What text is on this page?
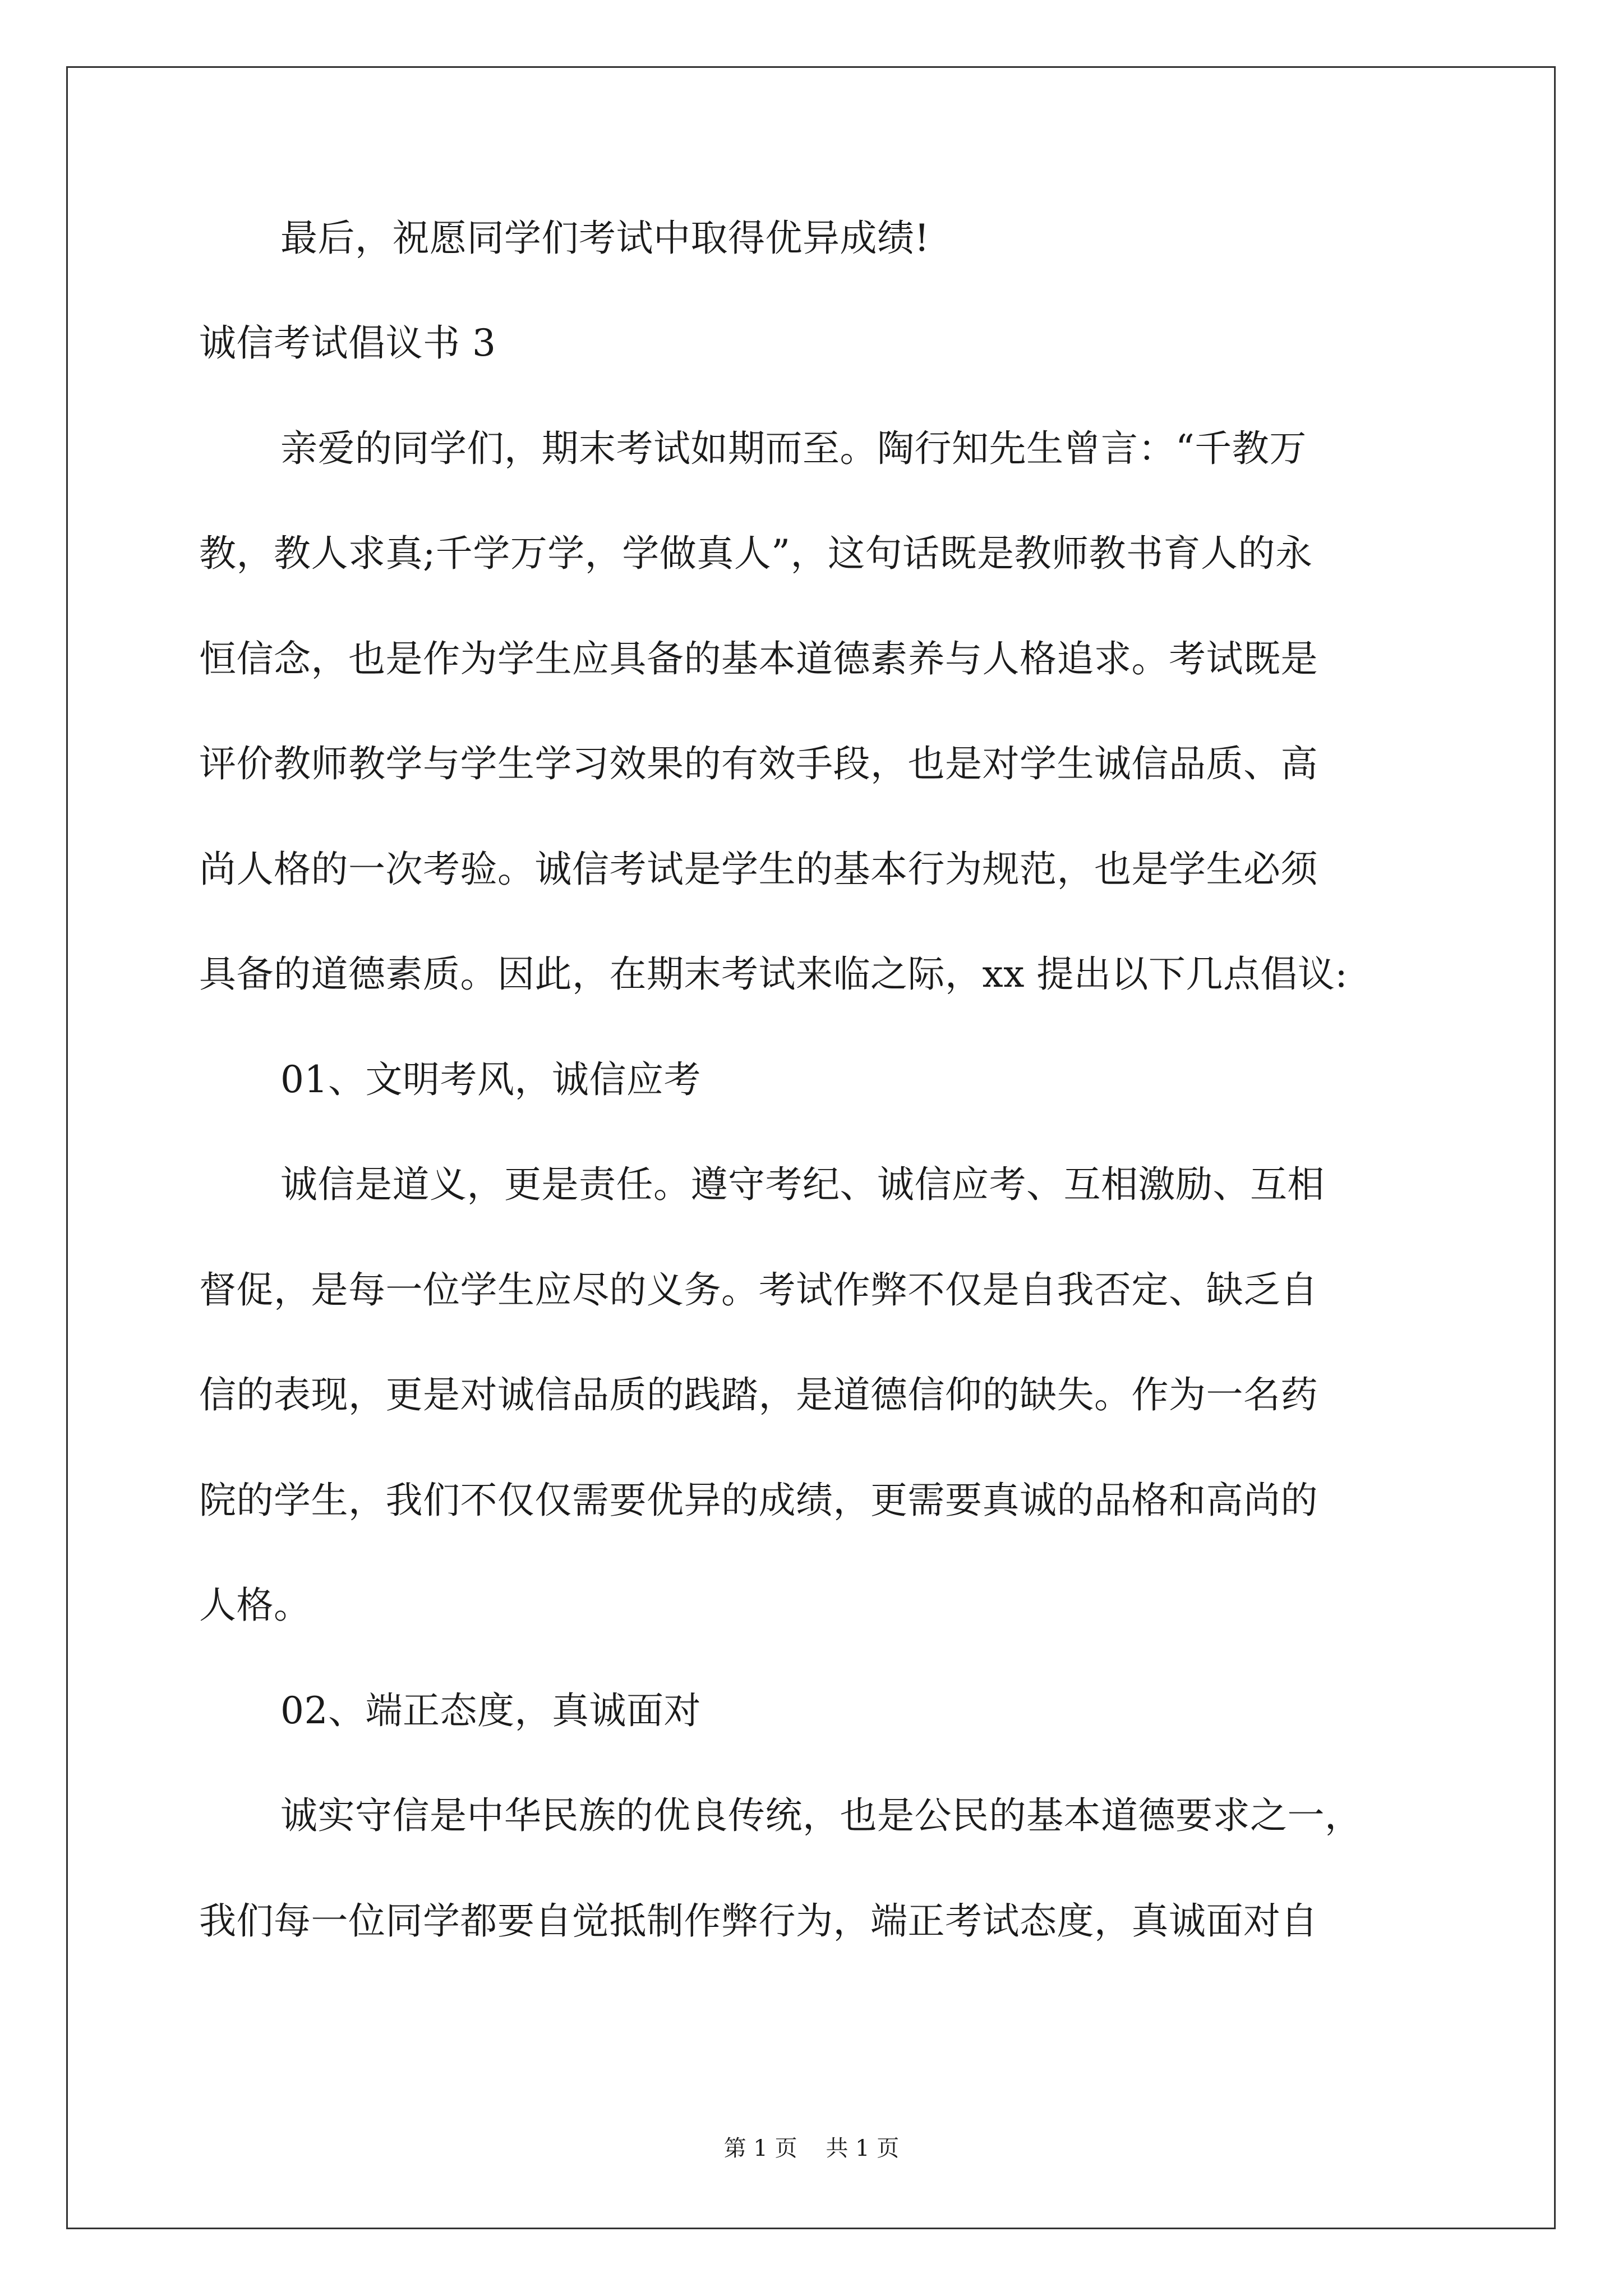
最后，祝愿同学们考试中取得优异成绩!
诚信考试倡议书 3
亲爱的同学们，期末考试如期而至。陶行知先生曾言：“千教万
教，教人求真;千学万学，学做真人”，这句话既是教师教书育人的永
恒信念，也是作为学生应具备的基本道德素养与人格追求。考试既是
评价教师教学与学生学习效果的有效手段，也是对学生诚信品质、高
尚人格的一次考验。诚信考试是学生的基本行为规范，也是学生必须
具备的道德素质。因此，在期末考试来临之际，xx 提出以下几点倡议:
01、文明考风，诚信应考
诚信是道义，更是责任。遵守考纪、诚信应考、互相激励、互相
督促，是每一位学生应尽的义务。考试作弊不仅是自我否定、缺乏自
信的表现，更是对诚信品质的践踏，是道德信仰的缺失。作为一名药
院的学生，我们不仅仅需要优异的成绩，更需要真诚的品格和高尚的
人格。
02、端正态度，真诚面对
诚实守信是中华民族的优良传统，也是公民的基本道德要求之一，
我们每一位同学都要自觉抵制作弊行为，端正考试态度，真诚面对自
第 1 页    共 1 页
